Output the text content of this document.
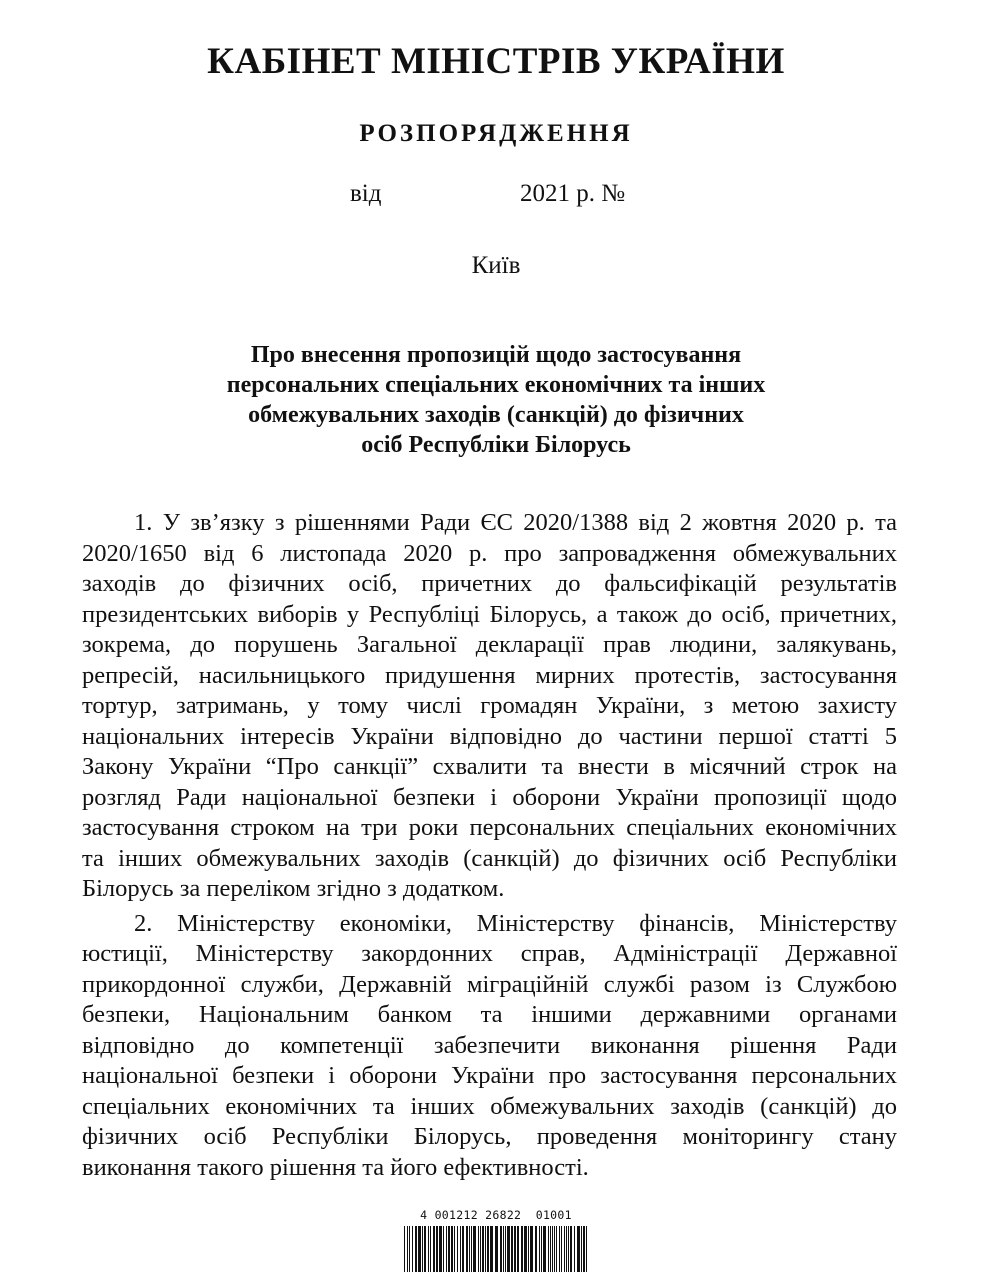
КАБІНЕТ МІНІСТРІВ УКРАЇНИ
РОЗПОРЯДЖЕННЯ
від	2021 р. №
Київ
Про внесення пропозицій щодо застосування
персональних спеціальних економічних та інших
обмежувальних заходів (санкцій) до фізичних
осіб Республіки Білорусь
1. У зв’язку з рішеннями Ради ЄС 2020/1388 від 2 жовтня 2020 р. та
2020/1650 від 6 листопада 2020 р. про запровадження обмежувальних
заходів до фізичних осіб, причетних до фальсифікацій результатів
президентських виборів у Республіці Білорусь, а також до осіб, причетних,
зокрема, до порушень Загальної декларації прав людини, залякувань,
репресій, насильницького придушення мирних протестів, застосування
тортур, затримань, у тому числі громадян України, з метою захисту
національних інтересів України відповідно до частини першої статті 5
Закону України “Про санкції” схвалити та внести в місячний строк на
розгляд Ради національної безпеки і оборони України пропозиції щодо
застосування строком на три роки персональних спеціальних економічних
та інших обмежувальних заходів (санкцій) до фізичних осіб Республіки
Білорусь за переліком згідно з додатком.
2. Міністерству економіки, Міністерству фінансів, Міністерству
юстиції, Міністерству закордонних справ, Адміністрації Державної
прикордонної служби, Державній міграційній службі разом із Службою
безпеки, Національним банком та іншими державними органами
відповідно до компетенції забезпечити виконання рішення Ради
національної безпеки і оборони України про застосування персональних
спеціальних економічних та інших обмежувальних заходів (санкцій) до
фізичних осіб Республіки Білорусь, проведення моніторингу стану
виконання такого рішення та його ефективності.
4 001212 26822  01001
